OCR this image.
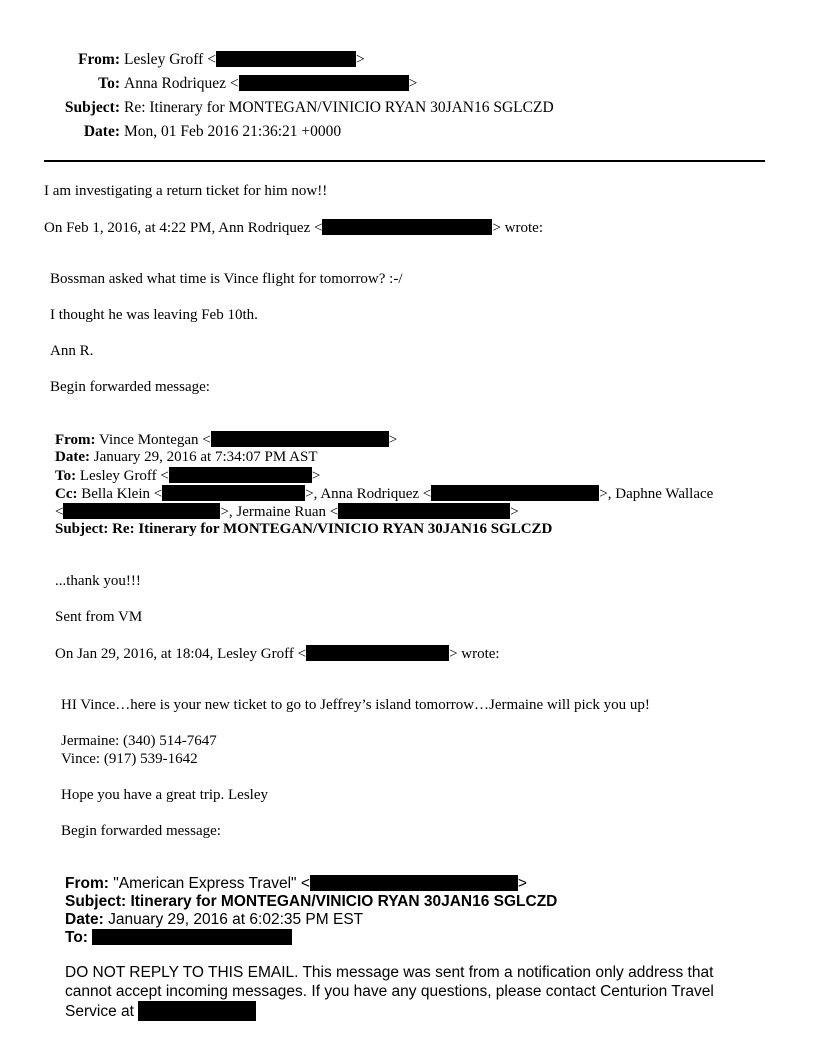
From: Lesley Groff <	>
To: Anna Rodriquez <	>
Subject: Re: Itinerary for MONTEGAN/VINICIO RYAN 30JAN16 SGLCZD
Date: Mon, 01 Feb 2016 21:36:21 +0000
I am investigating a return ticket for him now!!
On Feb 1, 2016, at 4:22 PM, Ann Rodriquez <	> wrote:
Bossman asked what time is Vince flight for tomorrow? :-/
I thought he was leaving Feb 10th.
Ann R.
Begin forwarded message:
From: Vince Montegan <	>
Date: January 29, 2016 at 7:34:07 PM AST
To: Lesley Groff <	>
Cc: Bella Klein <	>, Anna Rodriquez <	>, Daphne Wallace
<	>, Jermaine Ruan <	>
Subject: Re: Itinerary for MONTEGAN/VINICIO RYAN 30JAN16 SGLCZD
...thank you!!!
Sent from VM
On Jan 29, 2016, at 18:04, Lesley Groff <	> wrote:
HI Vince…here is your new ticket to go to Jeffrey’s island tomorrow…Jermaine will pick you up!
Jermaine: (340) 514-7647
Vince: (917) 539-1642
Hope you have a great trip. Lesley
Begin forwarded message:
From: "American Express Travel" <	>
Subject: Itinerary for MONTEGAN/VINICIO RYAN 30JAN16 SGLCZD
Date: January 29, 2016 at 6:02:35 PM EST
To:
DO NOT REPLY TO THIS EMAIL. This message was sent from a notification only address that
cannot accept incoming messages. If you have any questions, please contact Centurion Travel
Service at
